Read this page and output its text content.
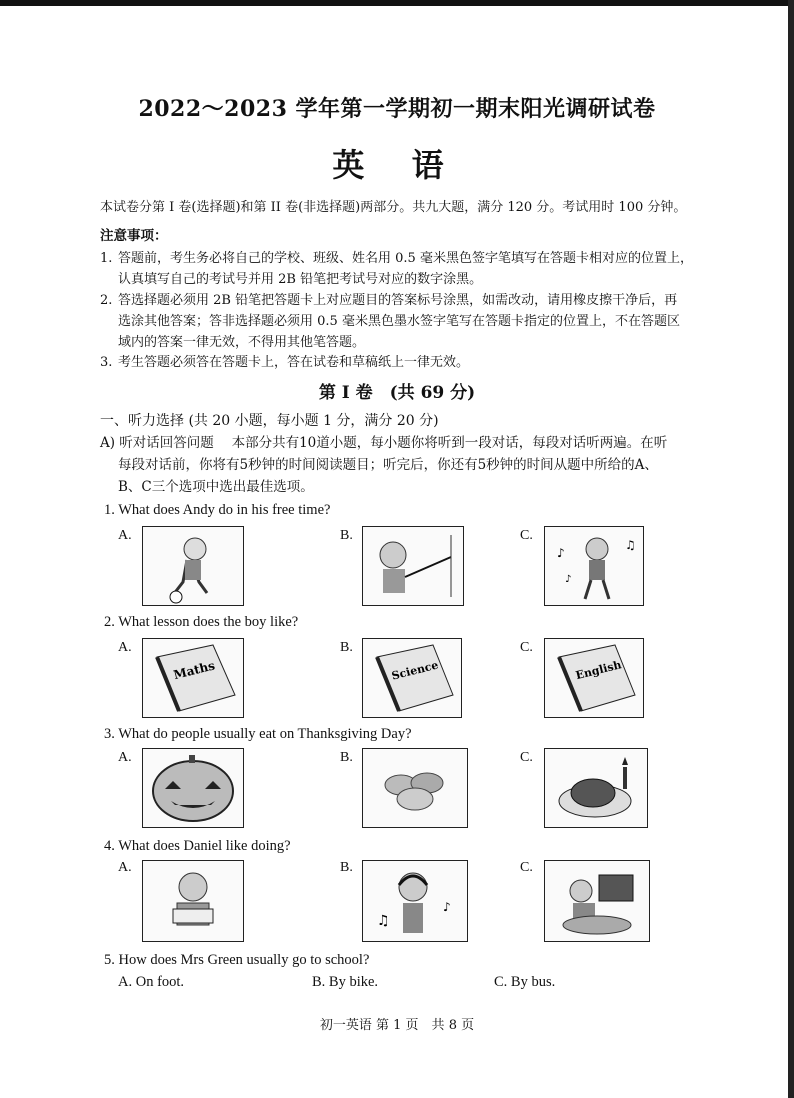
2022～2023 学年第一学期初一期末阳光调研试卷
英 语
本试卷分第 I 卷(选择题)和第 II 卷(非选择题)两部分。共九大题，满分 120 分。考试用时 100 分钟。
注意事项：
1. 答题前，考生务必将自己的学校、班级、姓名用 0.5 毫米黑色签字笔填写在答题卡相对应的位置上，
认真填写自己的考试号并用 2B 铅笔把考试号对应的数字涂黑。
2. 答选择题必须用 2B 铅笔把答题卡上对应题目的答案标号涂黑，如需改动，请用橡皮擦干净后，再
选涂其他答案；答非选择题必须用 0.5 毫米黑色墨水签字笔写在答题卡指定的位置上，不在答题区
域内的答案一律无效，不得用其他笔答题。
3. 考生答题必须答在答题卡上，答在试卷和草稿纸上一律无效。
第 I 卷　(共 69 分)
一、听力选择 (共 20 小题，每小题 1 分，满分 20 分)
A) 听对话回答问题　 本部分共有10道小题，每小题你将听到一段对话，每段对话听两遍。在听
每段对话前，你将有5秒钟的时间阅读题目；听完后，你还有5秒钟的时间从题中所给的A、
B、C三个选项中选出最佳选项。
1. What does Andy do in his free time?
A.	B.	C.
♪
♫
♪
2. What lesson does the boy like?
A.	B.	C.
Maths	Science	English
3. What do people usually eat on Thanksgiving Day?
A.	B.	C.
4. What does Daniel like doing?
A.	B.	C.
♫
♪
5. How does Mrs Green usually go to school?
A. On foot.	B. By bike.	C. By bus.
初一英语 第 1 页　共 8 页
